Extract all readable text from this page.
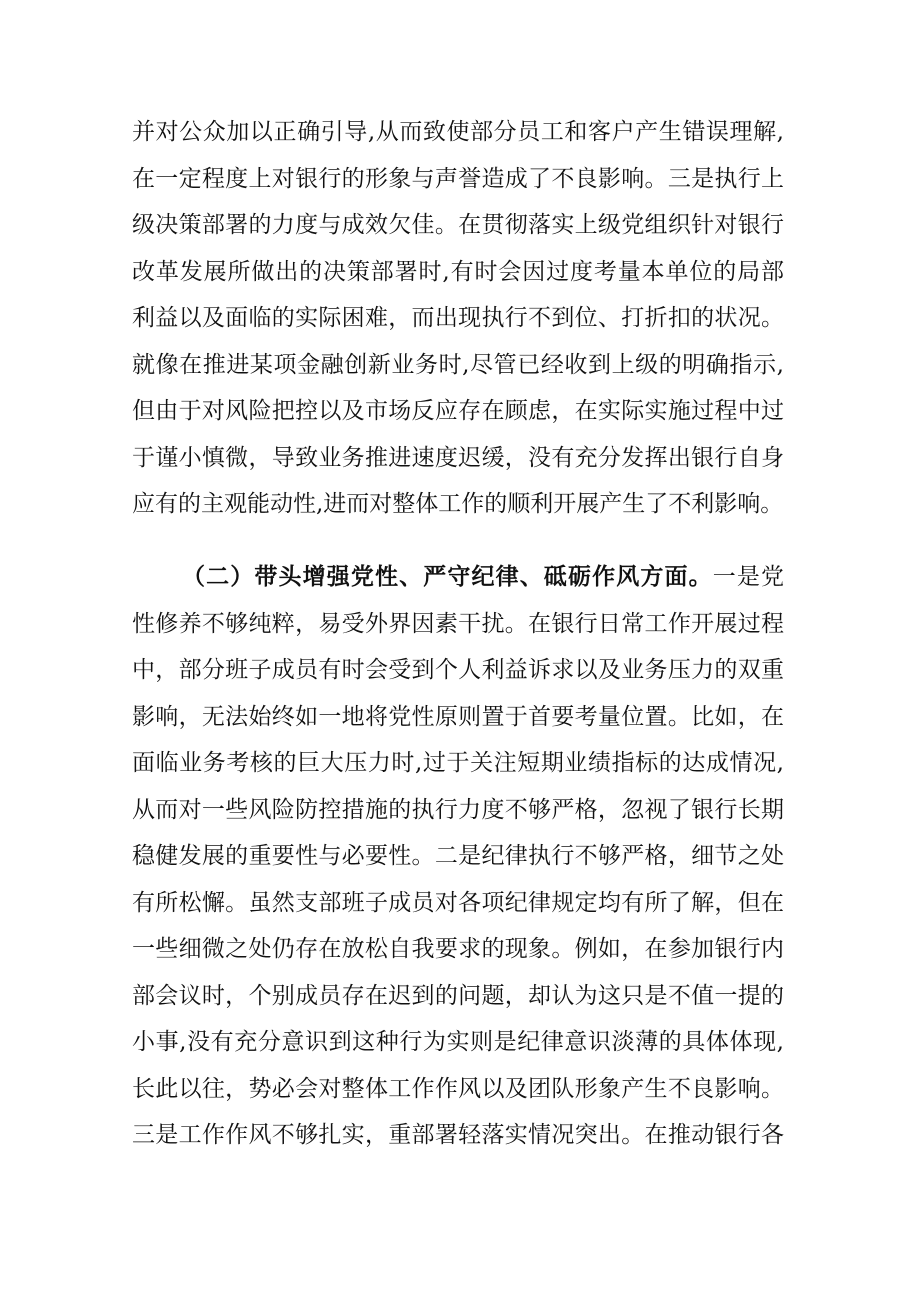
并对公众加以正确引导,从而致使部分员工和客户产生错误理解,
在一定程度上对银行的形象与声誉造成了不良影响。三是执行上
级决策部署的力度与成效欠佳。在贯彻落实上级党组织针对银行
改革发展所做出的决策部署时,有时会因过度考量本单位的局部
利益以及面临的实际困难，而出现执行不到位、打折扣的状况。
就像在推进某项金融创新业务时,尽管已经收到上级的明确指示,
但由于对风险把控以及市场反应存在顾虑，在实际实施过程中过
于谨小慎微，导致业务推进速度迟缓，没有充分发挥出银行自身
应有的主观能动性,进而对整体工作的顺利开展产生了不利影响。
（二）带头增强党性、严守纪律、砥砺作风方面。一是党
性修养不够纯粹，易受外界因素干扰。在银行日常工作开展过程
中，部分班子成员有时会受到个人利益诉求以及业务压力的双重
影响，无法始终如一地将党性原则置于首要考量位置。比如，在
面临业务考核的巨大压力时,过于关注短期业绩指标的达成情况,
从而对一些风险防控措施的执行力度不够严格，忽视了银行长期
稳健发展的重要性与必要性。二是纪律执行不够严格，细节之处
有所松懈。虽然支部班子成员对各项纪律规定均有所了解，但在
一些细微之处仍存在放松自我要求的现象。例如，在参加银行内
部会议时，个别成员存在迟到的问题，却认为这只是不值一提的
小事,没有充分意识到这种行为实则是纪律意识淡薄的具体体现,
长此以往，势必会对整体工作作风以及团队形象产生不良影响。
三是工作作风不够扎实，重部署轻落实情况突出。在推动银行各
